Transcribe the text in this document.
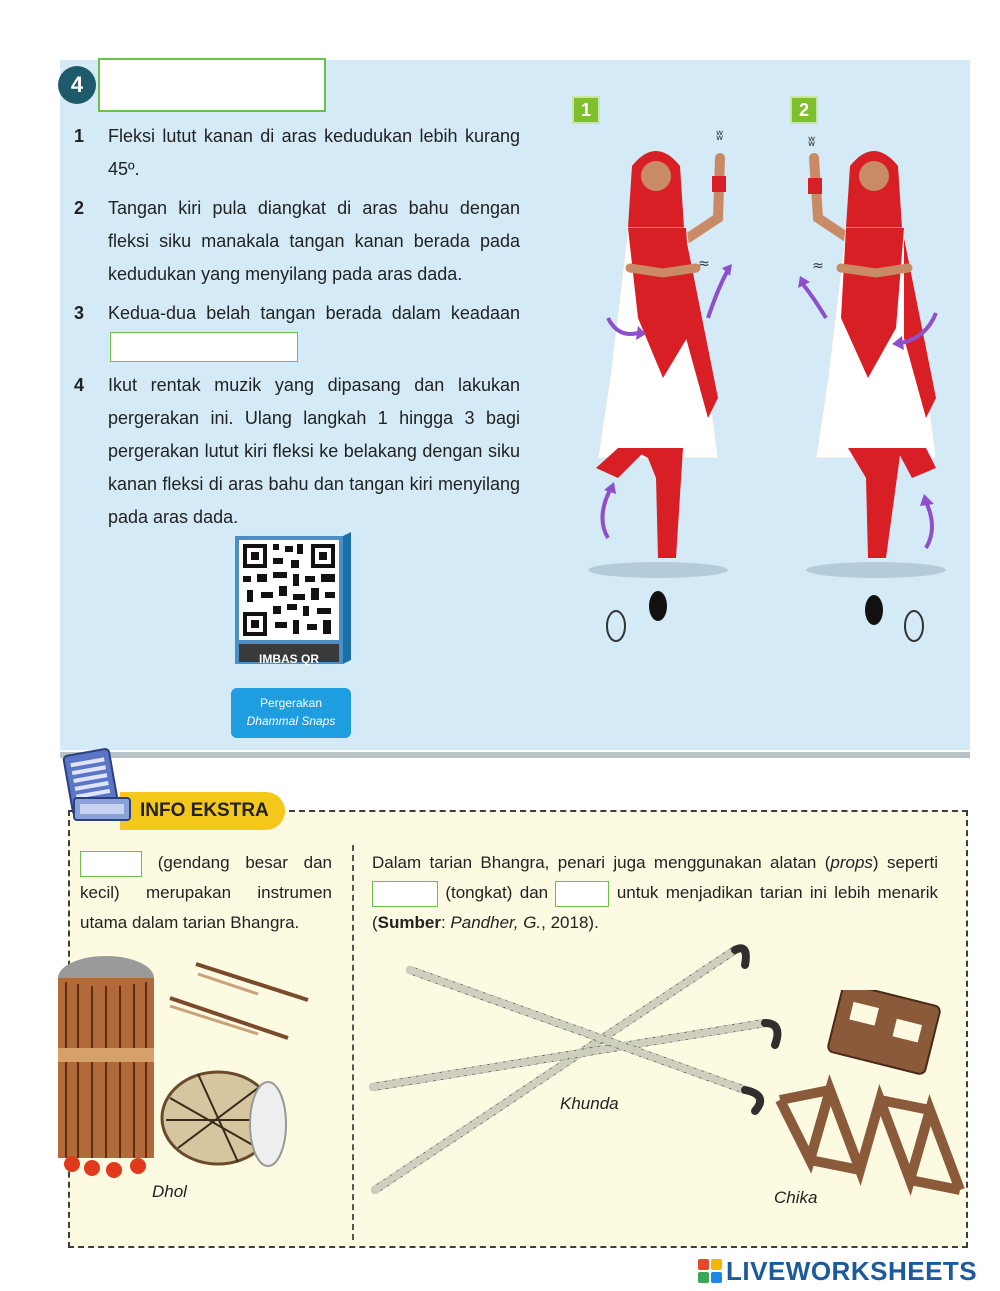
4
1	Fleksi lutut kanan di aras kedudukan lebih kurang 45º.
2	Tangan kiri pula diangkat di aras bahu dengan fleksi siku manakala tangan kanan berada pada kedudukan yang menyilang pada aras dada.
3	Kedua-dua belah tangan berada dalam keadaan
4	Ikut rentak muzik yang dipasang dan lakukan pergerakan ini. Ulang langkah 1 hingga 3 bagi pergerakan lutut kiri fleksi ke belakang dengan siku kanan fleksi di aras bahu dan tangan kiri menyilang pada aras dada.
IMBAS QR
Pergerakan
Dhammal Snaps
1	2
ʬ
≈
ʬ
≈
INFO EKSTRA
(gendang besar dan kecil) merupakan instrumen utama dalam tarian Bhangra.
Dalam tarian Bhangra, penari juga menggunakan alatan (props) seperti  (tongkat) dan	untuk menjadikan tarian ini lebih menarik (Sumber: Pandher, G., 2018).
Dhol
Khunda
Chika
LIVEWORKSHEETS
